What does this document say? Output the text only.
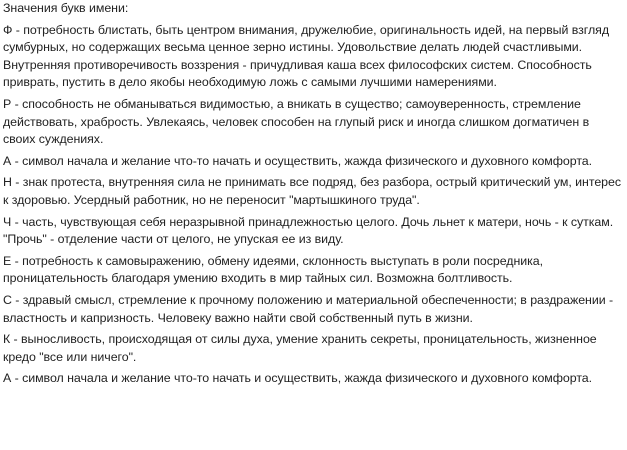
Значения букв имени:

Ф - потребность блистать, быть центром внимания, дружелюбие, оригинальность идей, на первый взгляд сумбурных, но содержащих весьма ценное зерно истины. Удовольствие делать людей счастливыми. Внутренняя противоречивость воззрения - причудливая каша всех философских систем. Способность приврать, пустить в дело якобы необходимую ложь с самыми лучшими намерениями.

Р - способность не обманываться видимостью, а вникать в существо; самоуверенность, стремление действовать, храбрость. Увлекаясь, человек способен на глупый риск и иногда слишком догматичен в своих суждениях.

А - символ начала и желание что-то начать и осуществить, жажда физического и духовного комфорта.

Н - знак протеста, внутренняя сила не принимать все подряд, без разбора, острый критический ум, интерес к здоровью. Усердный работник, но не переносит "мартышкиного труда".

Ч - часть, чувствующая себя неразрывной принадлежностью целого. Дочь льнет к матери, ночь - к суткам. "Прочь" - отделение части от целого, не упуская ее из виду.

Е - потребность к самовыражению, обмену идеями, склонность выступать в роли посредника, проницательность благодаря умению входить в мир тайных сил. Возможна болтливость.

С - здравый смысл, стремление к прочному положению и материальной обеспеченности; в раздражении - властность и капризность. Человеку важно найти свой собственный путь в жизни.

К - выносливость, происходящая от силы духа, умение хранить секреты, проницательность, жизненное кредо "все или ничего".

А - символ начала и желание что-то начать и осуществить, жажда физического и духовного комфорта.
